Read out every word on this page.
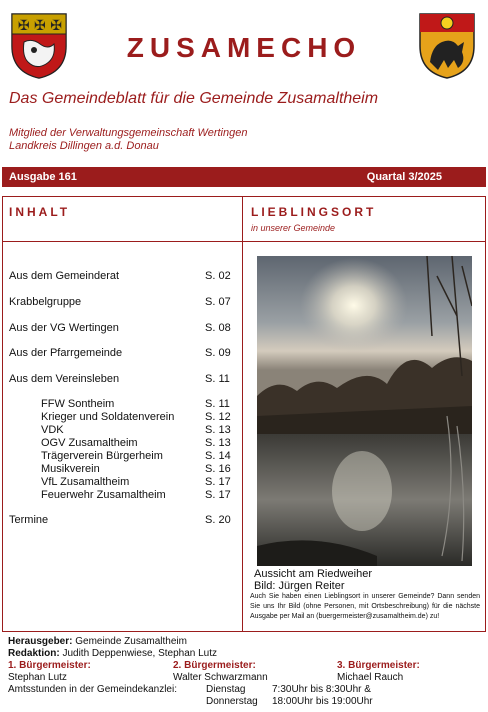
✠ ✠ ✠
ZUSAMECHO
Das Gemeindeblatt für die Gemeinde Zusamaltheim
Mitglied der Verwaltungsgemeinschaft Wertingen
Landkreis Dillingen a.d. Donau
Ausgabe 161	Quartal 3/2025
INHALT
Aus dem Gemeinderat	S. 02
Krabbelgruppe	S. 07
Aus der VG Wertingen	S. 08
Aus der Pfarrgemeinde	S. 09
Aus dem Vereinsleben	S. 11
FFW Sontheim	S. 11
Krieger und Soldatenverein	S. 12
VDK	S. 13
OGV Zusamaltheim	S. 13
Trägerverein Bürgerheim	S. 14
Musikverein	S. 16
VfL Zusamaltheim	S. 17
Feuerwehr Zusamaltheim	S. 17
Termine	S. 20
LIEBLINGSORT
in unserer Gemeinde
Aussicht am Riedweiher
Bild: Jürgen Reiter
Auch Sie haben einen Lieblingsort in unserer Gemeinde? Dann senden Sie uns Ihr Bild (ohne Personen, mit Ortsbeschreibung) für die nächste Ausgabe per Mail an (buergermeister@zusamaltheim.de) zu!
Herausgeber: Gemeinde Zusamaltheim
Redaktion: Judith Deppenwiese, Stephan Lutz
1. Bürgermeister:	2. Bürgermeister:	3. Bürgermeister:
Stephan Lutz	Walter Schwarzmann	Michael Rauch
Amtsstunden in der Gemeindekanzlei:	Dienstag	7:30Uhr bis 8:30Uhr &
Donnerstag 18:00Uhr bis 19:00Uhr
